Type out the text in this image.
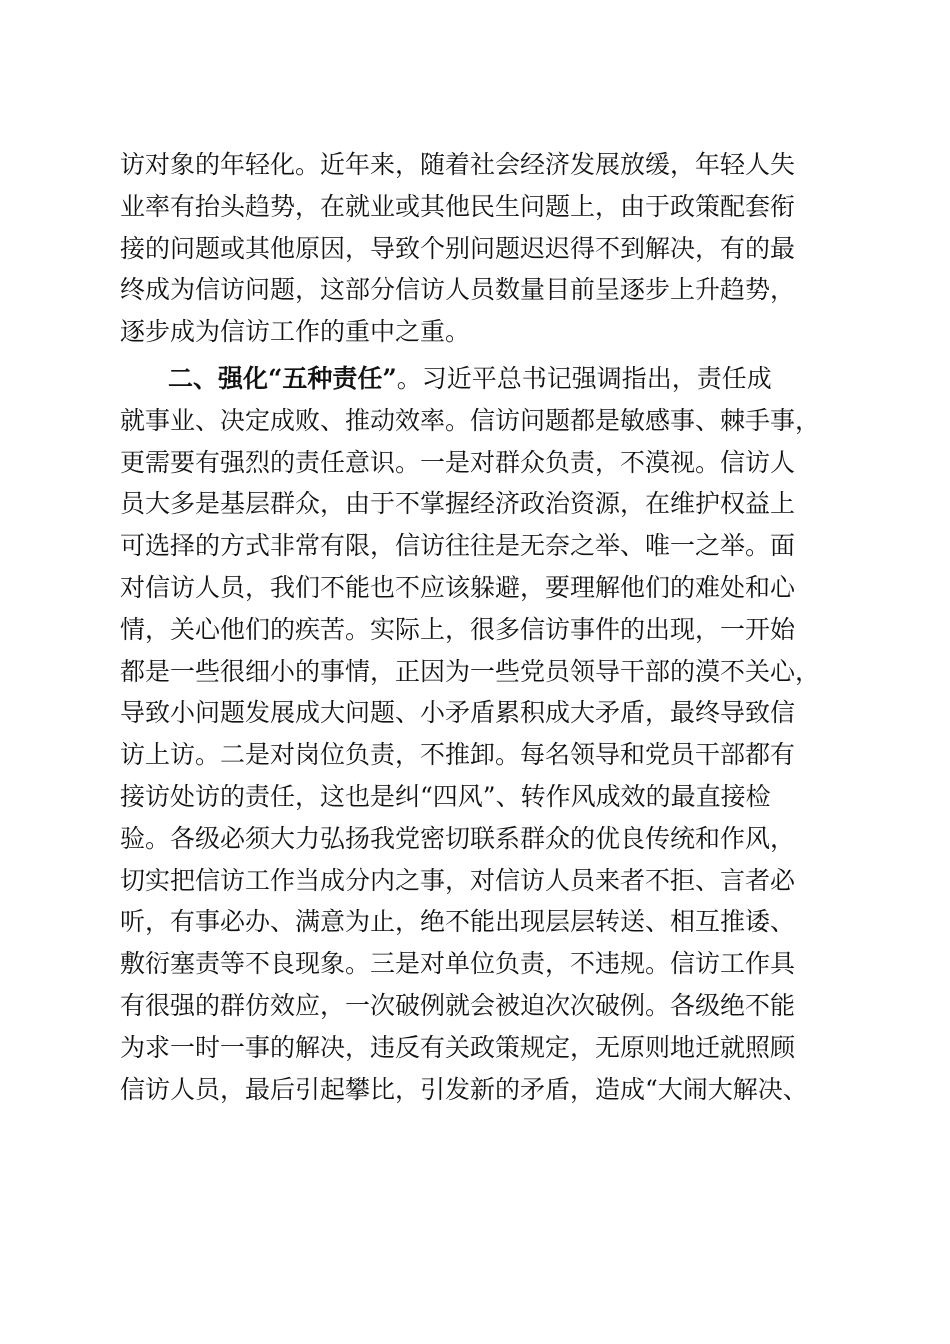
访对象的年轻化。近年来，随着社会经济发展放缓，年轻人失
业率有抬头趋势，在就业或其他民生问题上，由于政策配套衔
接的问题或其他原因，导致个别问题迟迟得不到解决，有的最
终成为信访问题，这部分信访人员数量目前呈逐步上升趋势，
逐步成为信访工作的重中之重。
二、强化“五种责任”。习近平总书记强调指出，责任成
就事业、决定成败、推动效率。信访问题都是敏感事、棘手事，
更需要有强烈的责任意识。一是对群众负责，不漠视。信访人
员大多是基层群众，由于不掌握经济政治资源，在维护权益上
可选择的方式非常有限，信访往往是无奈之举、唯一之举。面
对信访人员，我们不能也不应该躲避，要理解他们的难处和心
情，关心他们的疾苦。实际上，很多信访事件的出现，一开始
都是一些很细小的事情，正因为一些党员领导干部的漠不关心，
导致小问题发展成大问题、小矛盾累积成大矛盾，最终导致信
访上访。二是对岗位负责，不推卸。每名领导和党员干部都有
接访处访的责任，这也是纠“四风”、转作风成效的最直接检
验。各级必须大力弘扬我党密切联系群众的优良传统和作风，
切实把信访工作当成分内之事，对信访人员来者不拒、言者必
听，有事必办、满意为止，绝不能出现层层转送、相互推诿、
敷衍塞责等不良现象。三是对单位负责，不违规。信访工作具
有很强的群仿效应，一次破例就会被迫次次破例。各级绝不能
为求一时一事的解决，违反有关政策规定，无原则地迁就照顾
信访人员，最后引起攀比，引发新的矛盾，造成“大闹大解决、
